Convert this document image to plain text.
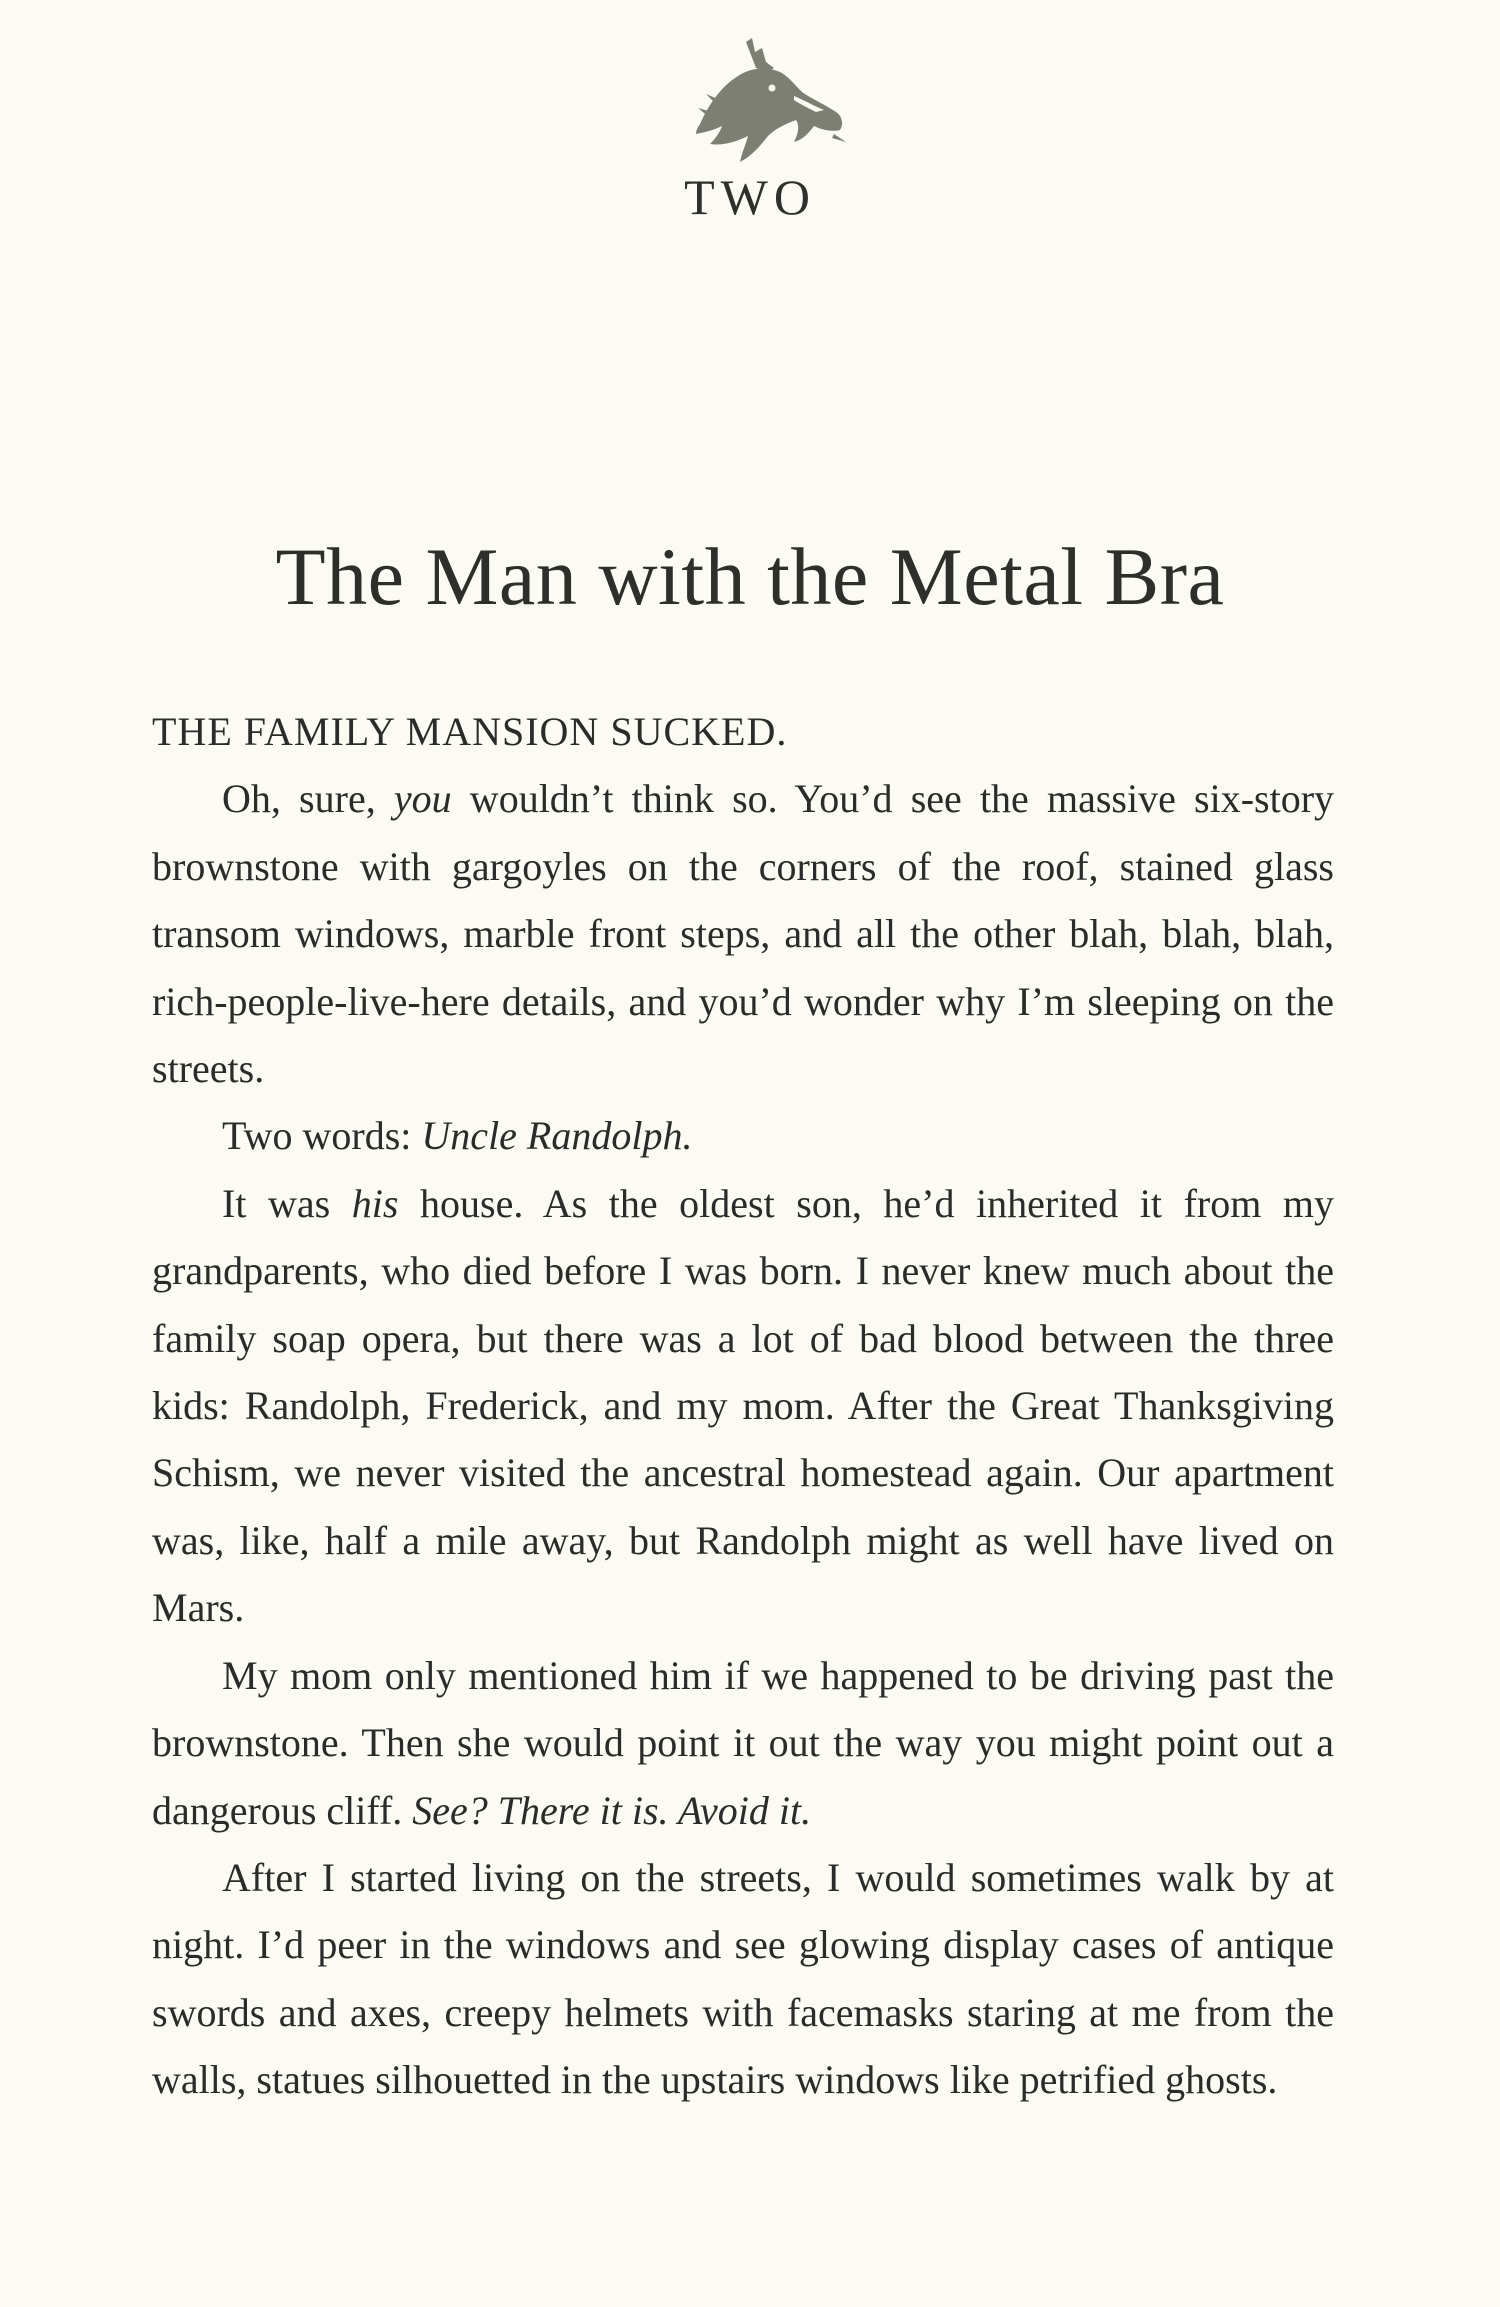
TWO
The Man with the Metal Bra

THE FAMILY MANSION SUCKED.

Oh, sure, you wouldn’t think so. You’d see the massive six-story brownstone with gargoyles on the corners of the roof, stained glass transom windows, marble front steps, and all the other blah, blah, blah, rich-people-live-here details, and you’d wonder why I’m sleeping on the streets.

Two words: Uncle Randolph.

It was his house. As the oldest son, he’d inherited it from my grandparents, who died before I was born. I never knew much about the family soap opera, but there was a lot of bad blood between the three kids: Randolph, Frederick, and my mom. After the Great Thanksgiving Schism, we never visited the ancestral homestead again. Our apartment was, like, half a mile away, but Randolph might as well have lived on Mars.

My mom only mentioned him if we happened to be driving past the brownstone. Then she would point it out the way you might point out a dangerous cliff. See? There it is. Avoid it.

After I started living on the streets, I would sometimes walk by at night. I’d peer in the windows and see glowing display cases of antique swords and axes, creepy helmets with facemasks staring at me from the walls, statues silhouetted in the upstairs windows like petrified ghosts.
